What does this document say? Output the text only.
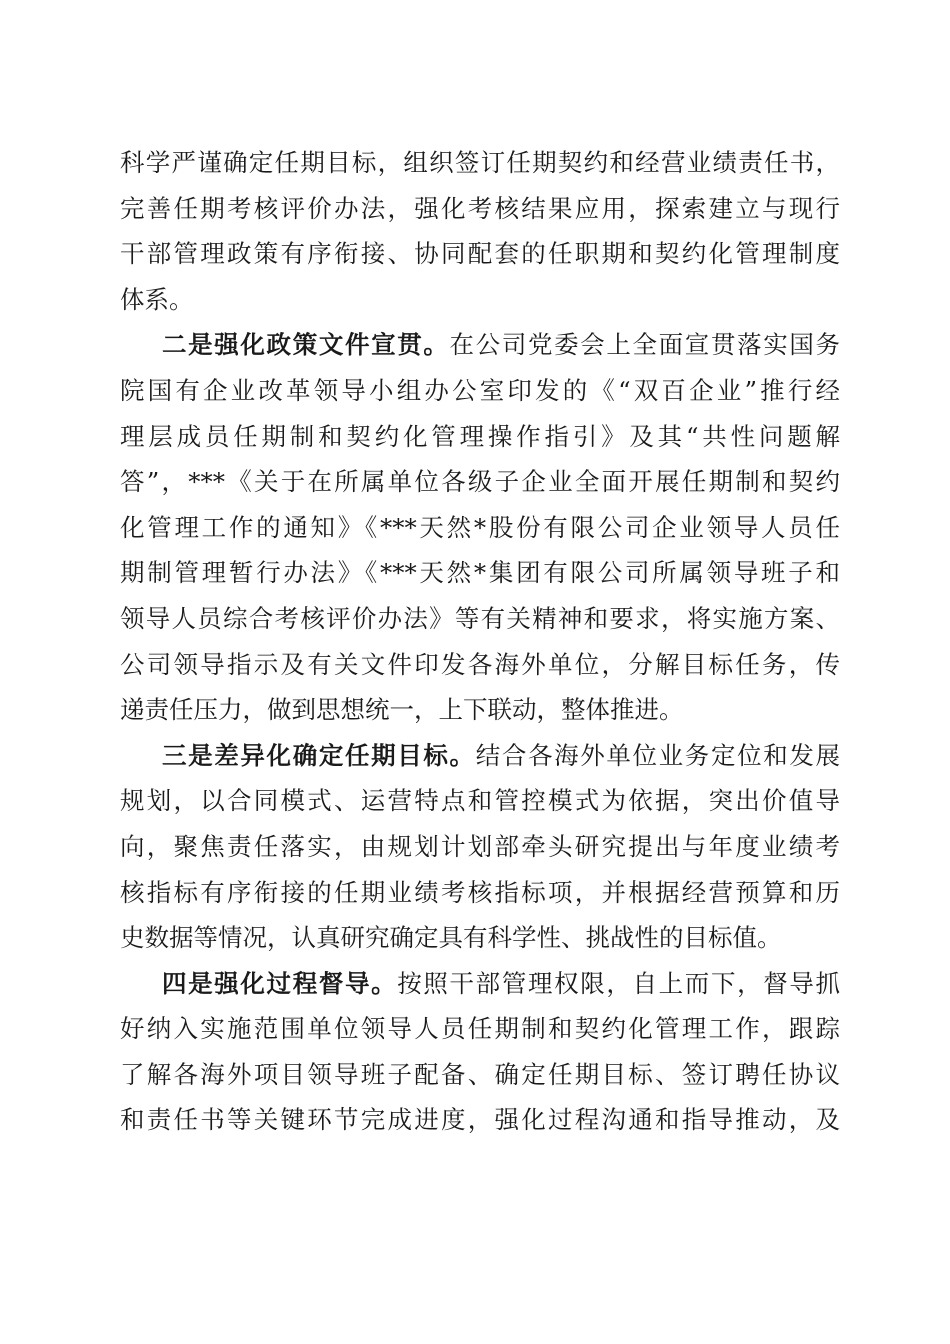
科学严谨确定任期目标，组织签订任期契约和经营业绩责任书，
完善任期考核评价办法，强化考核结果应用，探索建立与现行
干部管理政策有序衔接、协同配套的任职期和契约化管理制度
体系。
二是强化政策文件宣贯。在公司党委会上全面宣贯落实国务
院国有企业改革领导小组办公室印发的《“双百企业”推行经
理层成员任期制和契约化管理操作指引》及其“共性问题解
答”，***《关于在所属单位各级子企业全面开展任期制和契约
化管理工作的通知》《***天然*股份有限公司企业领导人员任
期制管理暂行办法》《***天然*集团有限公司所属领导班子和
领导人员综合考核评价办法》等有关精神和要求，将实施方案、
公司领导指示及有关文件印发各海外单位，分解目标任务，传
递责任压力，做到思想统一，上下联动，整体推进。
三是差异化确定任期目标。结合各海外单位业务定位和发展
规划，以合同模式、运营特点和管控模式为依据，突出价值导
向，聚焦责任落实，由规划计划部牵头研究提出与年度业绩考
核指标有序衔接的任期业绩考核指标项，并根据经营预算和历
史数据等情况，认真研究确定具有科学性、挑战性的目标值。
四是强化过程督导。按照干部管理权限，自上而下，督导抓
好纳入实施范围单位领导人员任期制和契约化管理工作，跟踪
了解各海外项目领导班子配备、确定任期目标、签订聘任协议
和责任书等关键环节完成进度，强化过程沟通和指导推动，及
